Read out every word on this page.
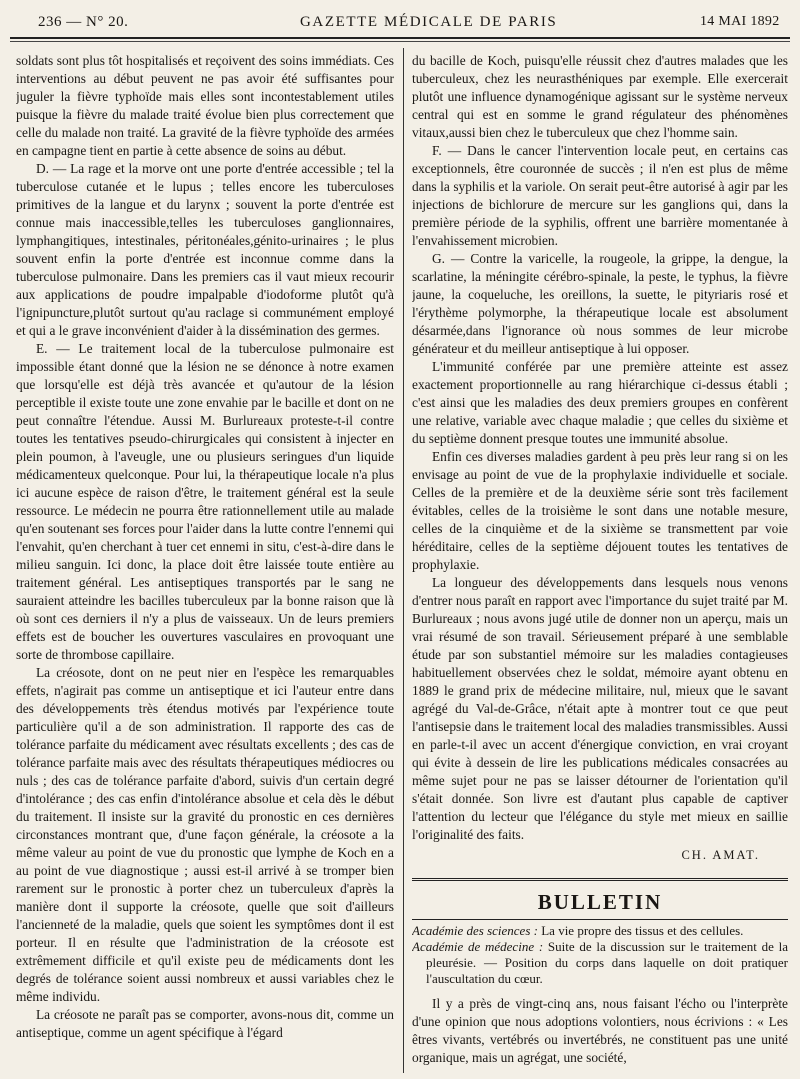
236 — N° 20.	GAZETTE MÉDICALE DE PARIS	14 MAI 1892

soldats sont plus tôt hospitalisés et reçoivent des soins immédiats. Ces interventions au début peuvent ne pas avoir été suffisantes pour juguler la fièvre typhoïde mais elles sont incontestablement utiles puisque la fièvre du malade traité évolue bien plus correctement que celle du malade non traité. La gravité de la fièvre typhoïde des armées en campagne tient en partie à cette absence de soins au début.

D. — La rage et la morve ont une porte d'entrée accessible ; tel la tuberculose cutanée et le lupus ; telles encore les tuberculoses primitives de la langue et du larynx ; souvent la porte d'entrée est connue mais inaccessible,telles les tuberculoses ganglionnaires, lymphangitiques, intestinales, péritonéales,génito-urinaires ; le plus souvent enfin la porte d'entrée est inconnue comme dans la tuberculose pulmonaire. Dans les premiers cas il vaut mieux recourir aux applications de poudre impalpable d'iodoforme plutôt qu'à l'ignipuncture,plutôt surtout qu'au raclage si communément employé et qui a le grave inconvénient d'aider à la dissémination des germes.

E. — Le traitement local de la tuberculose pulmonaire est impossible étant donné que la lésion ne se dénonce à notre examen que lorsqu'elle est déjà très avancée et qu'autour de la lésion perceptible il existe toute une zone envahie par le bacille et dont on ne peut connaître l'étendue. Aussi M. Burlureaux proteste-t-il contre toutes les tentatives pseudo-chirurgicales qui consistent à injecter en plein poumon, à l'aveugle, une ou plusieurs seringues d'un liquide médicamenteux quelconque. Pour lui, la thérapeutique locale n'a plus ici aucune espèce de raison d'être, le traitement général est la seule ressource. Le médecin ne pourra être rationnellement utile au malade qu'en soutenant ses forces pour l'aider dans la lutte contre l'ennemi qui l'envahit, qu'en cherchant à tuer cet ennemi in situ, c'est-à-dire dans le milieu sanguin. Ici donc, la place doit être laissée toute entière au traitement général. Les antiseptiques transportés par le sang ne sauraient atteindre les bacilles tuberculeux par la bonne raison que là où sont ces derniers il n'y a plus de vaisseaux. Un de leurs premiers effets est de boucher les ouvertures vasculaires en provoquant une sorte de thrombose capillaire.

La créosote, dont on ne peut nier en l'espèce les remarquables effets, n'agirait pas comme un antiseptique et ici l'auteur entre dans des développements très étendus motivés par l'expérience toute particulière qu'il a de son administration. Il rapporte des cas de tolérance parfaite du médicament avec résultats excellents ; des cas de tolérance parfaite mais avec des résultats thérapeutiques médiocres ou nuls ; des cas de tolérance parfaite d'abord, suivis d'un certain degré d'intolérance ; des cas enfin d'intolérance absolue et cela dès le début du traitement. Il insiste sur la gravité du pronostic en ces dernières circonstances montrant que, d'une façon générale, la créosote a la même valeur au point de vue du pronostic que lymphe de Koch en a au point de vue diagnostique ; aussi est-il arrivé à se tromper bien rarement sur le pronostic à porter chez un tuberculeux d'après la manière dont il supporte la créosote, quelle que soit d'ailleurs l'ancienneté de la maladie, quels que soient les symptômes dont il est porteur. Il en résulte que l'administration de la créosote est extrêmement difficile et qu'il existe peu de médicaments dont les degrés de tolérance soient aussi nombreux et aussi variables chez le même individu.

La créosote ne paraît pas se comporter, avons-nous dit, comme un antiseptique, comme un agent spécifique à l'égard

du bacille de Koch, puisqu'elle réussit chez d'autres malades que les tuberculeux, chez les neurasthéniques par exemple. Elle exercerait plutôt une influence dynamogénique agissant sur le système nerveux central qui est en somme le grand régulateur des phénomènes vitaux,aussi bien chez le tuberculeux que chez l'homme sain.

F. — Dans le cancer l'intervention locale peut, en certains cas exceptionnels, être couronnée de succès ; il n'en est plus de même dans la syphilis et la variole. On serait peut-être autorisé à agir par les injections de bichlorure de mercure sur les ganglions qui, dans la première période de la syphilis, offrent une barrière momentanée à l'envahissement microbien.

G. — Contre la varicelle, la rougeole, la grippe, la dengue, la scarlatine, la méningite cérébro-spinale, la peste, le typhus, la fièvre jaune, la coqueluche, les oreillons, la suette, le pityriaris rosé et l'érythème polymorphe, la thérapeutique locale est absolument désarmée,dans l'ignorance où nous sommes de leur microbe générateur et du meilleur antiseptique à lui opposer.

L'immunité conférée par une première atteinte est assez exactement proportionnelle au rang hiérarchique ci-dessus établi ; c'est ainsi que les maladies des deux premiers groupes en confèrent une relative, variable avec chaque maladie ; que celles du sixième et du septième donnent presque toutes une immunité absolue.

Enfin ces diverses maladies gardent à peu près leur rang si on les envisage au point de vue de la prophylaxie individuelle et sociale. Celles de la première et de la deuxième série sont très facilement évitables, celles de la troisième le sont dans une notable mesure, celles de la cinquième et de la sixième se transmettent par voie héréditaire, celles de la septième déjouent toutes les tentatives de prophylaxie.

La longueur des développements dans lesquels nous venons d'entrer nous paraît en rapport avec l'importance du sujet traité par M. Burlureaux ; nous avons jugé utile de donner non un aperçu, mais un vrai résumé de son travail. Sérieusement préparé à une semblable étude par son substantiel mémoire sur les maladies contagieuses habituellement observées chez le soldat, mémoire ayant obtenu en 1889 le grand prix de médecine militaire, nul, mieux que le savant agrégé du Val-de-Grâce, n'était apte à montrer tout ce que peut l'antisepsie dans le traitement local des maladies transmissibles. Aussi en parle-t-il avec un accent d'énergique conviction, en vrai croyant qui évite à dessein de lire les publications médicales consacrées au même sujet pour ne pas se laisser détourner de l'orientation qu'il s'était donnée. Son livre est d'autant plus capable de captiver l'attention du lecteur que l'élégance du style met mieux en saillie l'originalité des faits.

CH. AMAT.
BULLETIN

Académie des sciences : La vie propre des tissus et des cellules.

Académie de médecine : Suite de la discussion sur le traitement de la pleurésie. — Position du corps dans laquelle on doit pratiquer l'auscultation du cœur.

Il y a près de vingt-cinq ans, nous faisant l'écho ou l'interprète d'une opinion que nous adoptions volontiers, nous écrivions : « Les êtres vivants, vertébrés ou invertébrés, ne constituent pas une unité organique, mais un agrégat, une société,
